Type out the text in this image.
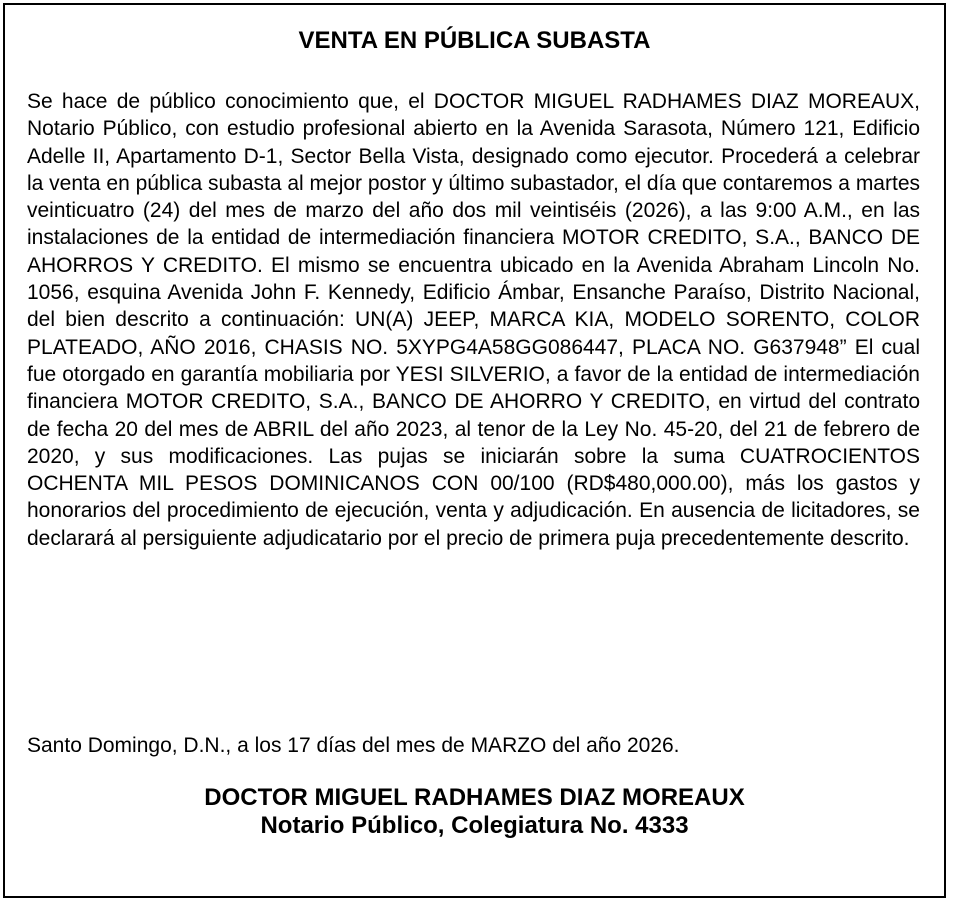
VENTA EN PÚBLICA SUBASTA

Se hace de público conocimiento que, el DOCTOR MIGUEL RADHAMES DIAZ MOREAUX, Notario Público, con estudio profesional abierto en la Avenida Sarasota, Número 121, Edificio Adelle II, Apartamento D-1, Sector Bella Vista, designado como ejecutor. Procederá a celebrar la venta en pública subasta al mejor postor y último subastador, el día que contaremos a martes veinticuatro (24) del mes de marzo del año dos mil veintiséis (2026), a las 9:00 A.M., en las instalaciones de la entidad de intermediación financiera MOTOR CREDITO, S.A., BANCO DE AHORROS Y CREDITO. El mismo se encuentra ubicado en la Avenida Abraham Lincoln No. 1056, esquina Avenida John F. Kennedy, Edificio Ámbar, Ensanche Paraíso, Distrito Nacional, del bien descrito a continuación: UN(A) JEEP, MARCA KIA, MODELO SORENTO, COLOR PLATEADO, AÑO 2016, CHASIS NO. 5XYPG4A58GG086447, PLACA NO. G637948” El cual fue otorgado en garantía mobiliaria por YESI SILVERIO, a favor de la entidad de intermediación financiera MOTOR CREDITO, S.A., BANCO DE AHORRO Y CREDITO, en virtud del contrato de fecha 20 del mes de ABRIL del año 2023, al tenor de la Ley No. 45-20, del 21 de febrero de 2020, y sus modificaciones. Las pujas se iniciarán sobre la suma CUATROCIENTOS OCHENTA MIL PESOS DOMINICANOS CON 00/100 (RD$480,000.00), más los gastos y honorarios del procedimiento de ejecución, venta y adjudicación. En ausencia de licitadores, se declarará al persiguiente adjudicatario por el precio de primera puja precedentemente descrito.

Santo Domingo, D.N., a los 17 días del mes de MARZO del año 2026.

DOCTOR MIGUEL RADHAMES DIAZ MOREAUX

Notario Público, Colegiatura No. 4333
